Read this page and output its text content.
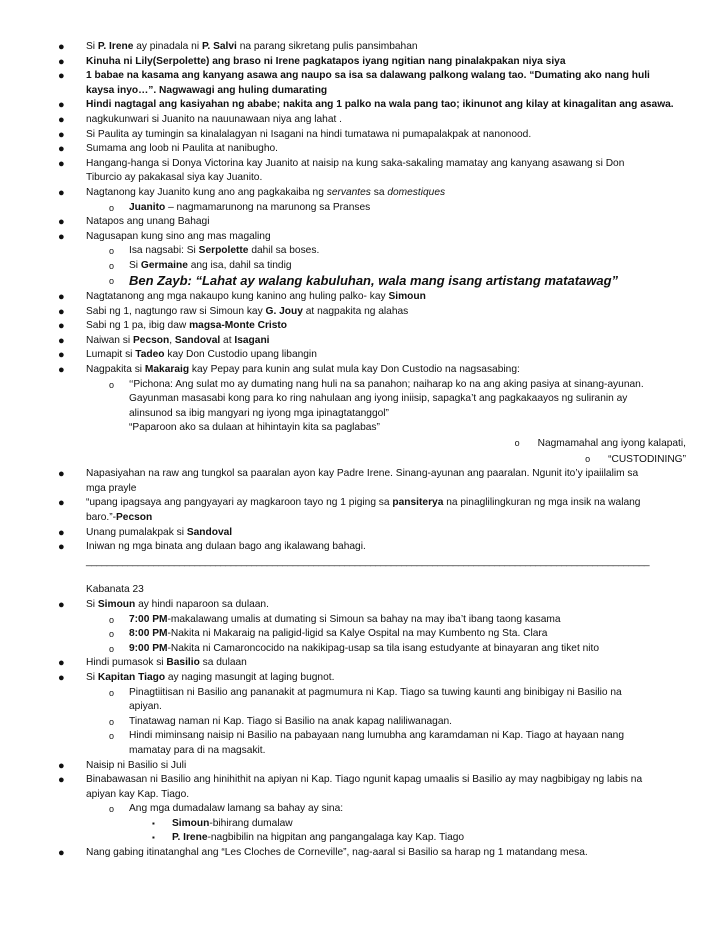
● Si P. Irene ay pinadala ni P. Salvi na parang sikretang pulis pansimbahan
● Kinuha ni Lily(Serpolette) ang braso ni Irene pagkatapos iyang ngitian nang pinalakpakan niya siya
● 1 babae na kasama ang kanyang asawa ang naupo sa isa sa dalawang palkong walang tao. “Dumating ako nang huli
kaysa inyo…”. Nagwawagi ang huling dumarating
● Hindi nagtagal ang kasiyahan ng ababe; nakita ang 1 palko na wala pang tao; ikinunot ang kilay at kinagalitan ang asawa.
● nagkukunwari si Juanito na nauunawaan niya ang lahat .
● Si Paulita ay tumingin sa kinalalagyan ni Isagani na hindi tumatawa ni pumapalakpak at nanonood.
● Sumama ang loob ni Paulita at nanibugho.
● Hangang-hanga si Donya Victorina kay Juanito at naisip na kung saka-sakaling mamatay ang kanyang asawang si Don
Tiburcio ay pakakasal siya kay Juanito.
● Nagtanong kay Juanito kung ano ang pagkakaiba ng servantes sa domestiques
o Juanito – nagmamarunong na marunong sa Pranses
● Natapos ang unang Bahagi
● Nagusapan kung sino ang mas magaling
o Isa nagsabi: Si Serpolette dahil sa boses.
o Si Germaine ang isa, dahil sa tindig
o Ben Zayb: “Lahat ay walang kabuluhan, wala mang isang artistang matatawag”
● Nagtatanong ang mga nakaupo kung kanino ang huling palko- kay Simoun
● Sabi ng 1, nagtungo raw si Simoun kay G. Jouy at nagpakita ng alahas
● Sabi ng 1 pa, ibig daw magsa-Monte Cristo
● Naiwan si Pecson, Sandoval at Isagani
● Lumapit si Tadeo kay Don Custodio upang libangin
● Nagpakita si Makaraig kay Pepay para kunin ang sulat mula kay Don Custodio na nagsasabing:
o ‘‘Pichona: Ang sulat mo ay dumating nang huli na sa panahon; naiharap ko na ang aking pasiya at sinang-ayunan.
Gayunman masasabi kong para ko ring nahulaan ang iyong iniisip, sapagka’t ang pagkakaayos ng suliranin ay
alinsunod sa ibig mangyari ng iyong mga ipinagtatanggol”
“Paparoon ako sa dulaan at hihintayin kita sa paglabas”
o Nagmamahal ang iyong kalapati,
o “CUSTODINING”
● Napasiyahan na raw ang tungkol sa paaralan ayon kay Padre Irene. Sinang-ayunan ang paaralan. Ngunit ito’y ipaiilalim sa
mga prayle
● “upang ipagsaya ang pangyayari ay magkaroon tayo ng 1 piging sa pansiterya na pinaglilingkuran ng mga insik na walang
baro.”-Pecson
● Unang pumalakpak si Sandoval
● Iniwan ng mga binata ang dulaan bago ang ikalawang bahagi.
_____________________________________________________________________________________________________________
Kabanata 23
● Si Simoun ay hindi naparoon sa dulaan.
o 7:00 PM-makalawang umalis at dumating si Simoun sa bahay na may iba’t ibang taong kasama
o 8:00 PM-Nakita ni Makaraig na paligid-ligid sa Kalye Ospital na may Kumbento ng Sta. Clara
o 9:00 PM-Nakita ni Camaroncocido na nakikipag-usap sa tila isang estudyante at binayaran ang tiket nito
● Hindi pumasok si Basilio sa dulaan
● Si Kapitan Tiago ay naging masungit at laging bugnot.
o Pinagtiitisan ni Basilio ang pananakit at pagmumura ni Kap. Tiago sa tuwing kaunti ang binibigay ni Basilio na
apiyan.
o Tinatawag naman ni Kap. Tiago si Basilio na anak kapag naliliwanagan.
o Hindi miminsang naisip ni Basilio na pabayaan nang lumubha ang karamdaman ni Kap. Tiago at hayaan nang
mamatay para di na magsakit.
● Naisip ni Basilio si Juli
● Binabawasan ni Basilio ang hinihithit na apiyan ni Kap. Tiago ngunit kapag umaalis si Basilio ay may nagbibigay ng labis na
apiyan kay Kap. Tiago.
o Ang mga dumadalaw lamang sa bahay ay sina:
▪ Simoun-bihirang dumalaw
▪ P. Irene-nagbibilin na higpitan ang pangangalaga kay Kap. Tiago
● Nang gabing itinatanghal ang “Les Cloches de Corneville”, nag-aaral si Basilio sa harap ng 1 matandang mesa.
